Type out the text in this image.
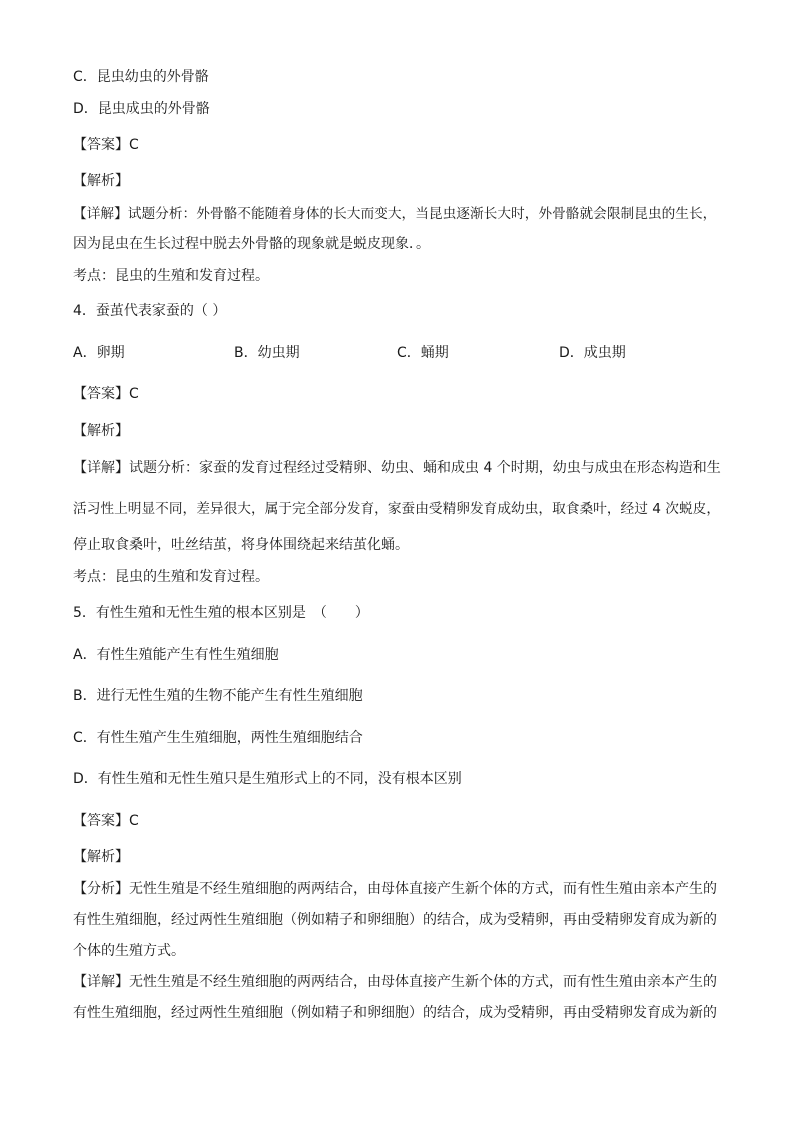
C．昆虫幼虫的外骨骼
D．昆虫成虫的外骨骼
【答案】C
【解析】
【详解】试题分析：外骨骼不能随着身体的长大而变大，当昆虫逐渐长大时，外骨骼就会限制昆虫的生长，
因为昆虫在生长过程中脱去外骨骼的现象就是蜕皮现象．。
考点：昆虫的生殖和发育过程。
4．蚕茧代表家蚕的（ ）
A．卵期	B．幼虫期	C．蛹期	D．成虫期
【答案】C
【解析】
【详解】试题分析：家蚕的发育过程经过受精卵、幼虫、蛹和成虫 4 个时期，幼虫与成虫在形态构造和生
活习性上明显不同，差异很大，属于完全部分发育，家蚕由受精卵发育成幼虫，取食桑叶，经过 4 次蜕皮，
停止取食桑叶，吐丝结茧，将身体围绕起来结茧化蛹。
考点：昆虫的生殖和发育过程。
5．有性生殖和无性生殖的根本区别是　（　　）
A．有性生殖能产生有性生殖细胞
B．进行无性生殖的生物不能产生有性生殖细胞
C．有性生殖产生生殖细胞，两性生殖细胞结合
D．有性生殖和无性生殖只是生殖形式上的不同，没有根本区别
【答案】C
【解析】
【分析】无性生殖是不经生殖细胞的两两结合，由母体直接产生新个体的方式，而有性生殖由亲本产生的
有性生殖细胞，经过两性生殖细胞（例如精子和卵细胞）的结合，成为受精卵，再由受精卵发育成为新的
个体的生殖方式。
【详解】无性生殖是不经生殖细胞的两两结合，由母体直接产生新个体的方式，而有性生殖由亲本产生的
有性生殖细胞，经过两性生殖细胞（例如精子和卵细胞）的结合，成为受精卵，再由受精卵发育成为新的
